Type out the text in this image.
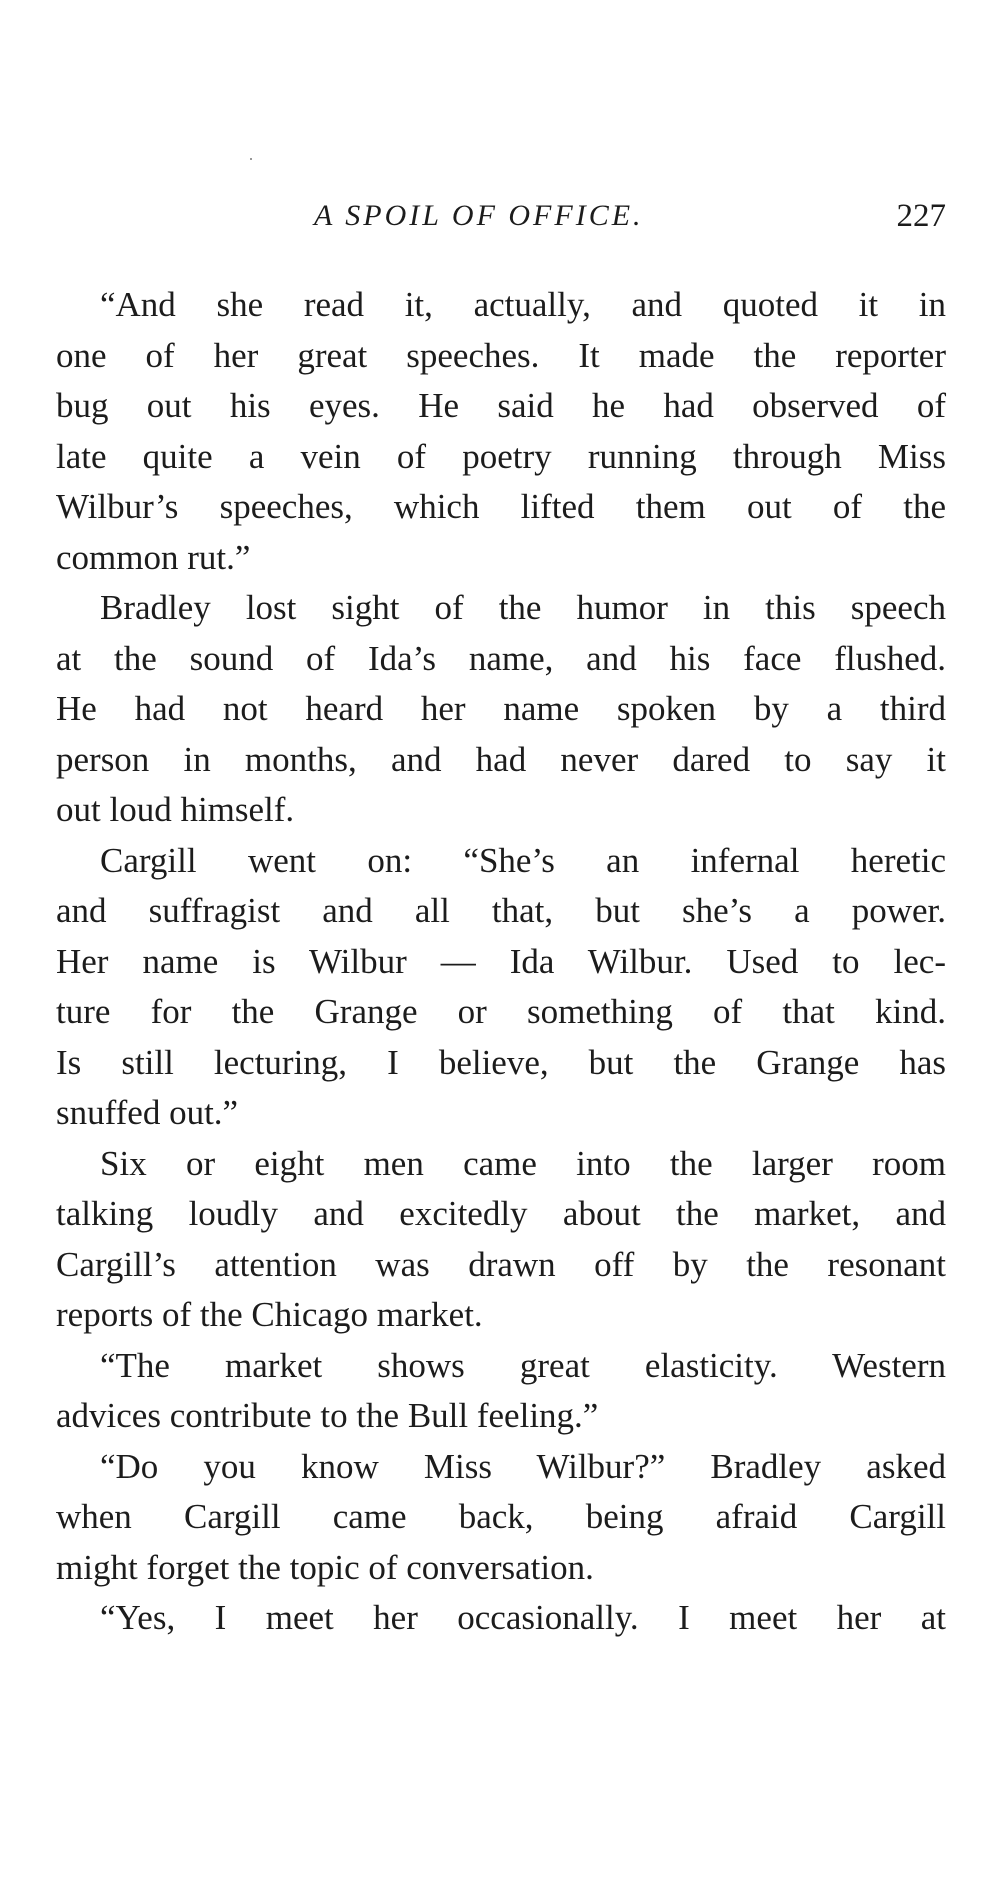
A SPOIL OF OFFICE.	227
“And she read it, actually, and quoted it in
one of her great speeches. It made the reporter
bug out his eyes. He said he had observed of
late quite a vein of poetry running through Miss
Wilbur’s speeches, which lifted them out of the
common rut.”
Bradley lost sight of the humor in this speech
at the sound of Ida’s name, and his face flushed.
He had not heard her name spoken by a third
person in months, and had never dared to say it
out loud himself.
Cargill went on: “She’s an infernal heretic
and suffragist and all that, but she’s a power.
Her name is Wilbur — Ida Wilbur. Used to lec-
ture for the Grange or something of that kind.
Is still lecturing, I believe, but the Grange has
snuffed out.”
Six or eight men came into the larger room
talking loudly and excitedly about the market, and
Cargill’s attention was drawn off by the resonant
reports of the Chicago market.
“The market shows great elasticity. Western
advices contribute to the Bull feeling.”
“Do you know Miss Wilbur?” Bradley asked
when Cargill came back, being afraid Cargill
might forget the topic of conversation.
“Yes, I meet her occasionally. I meet her at
